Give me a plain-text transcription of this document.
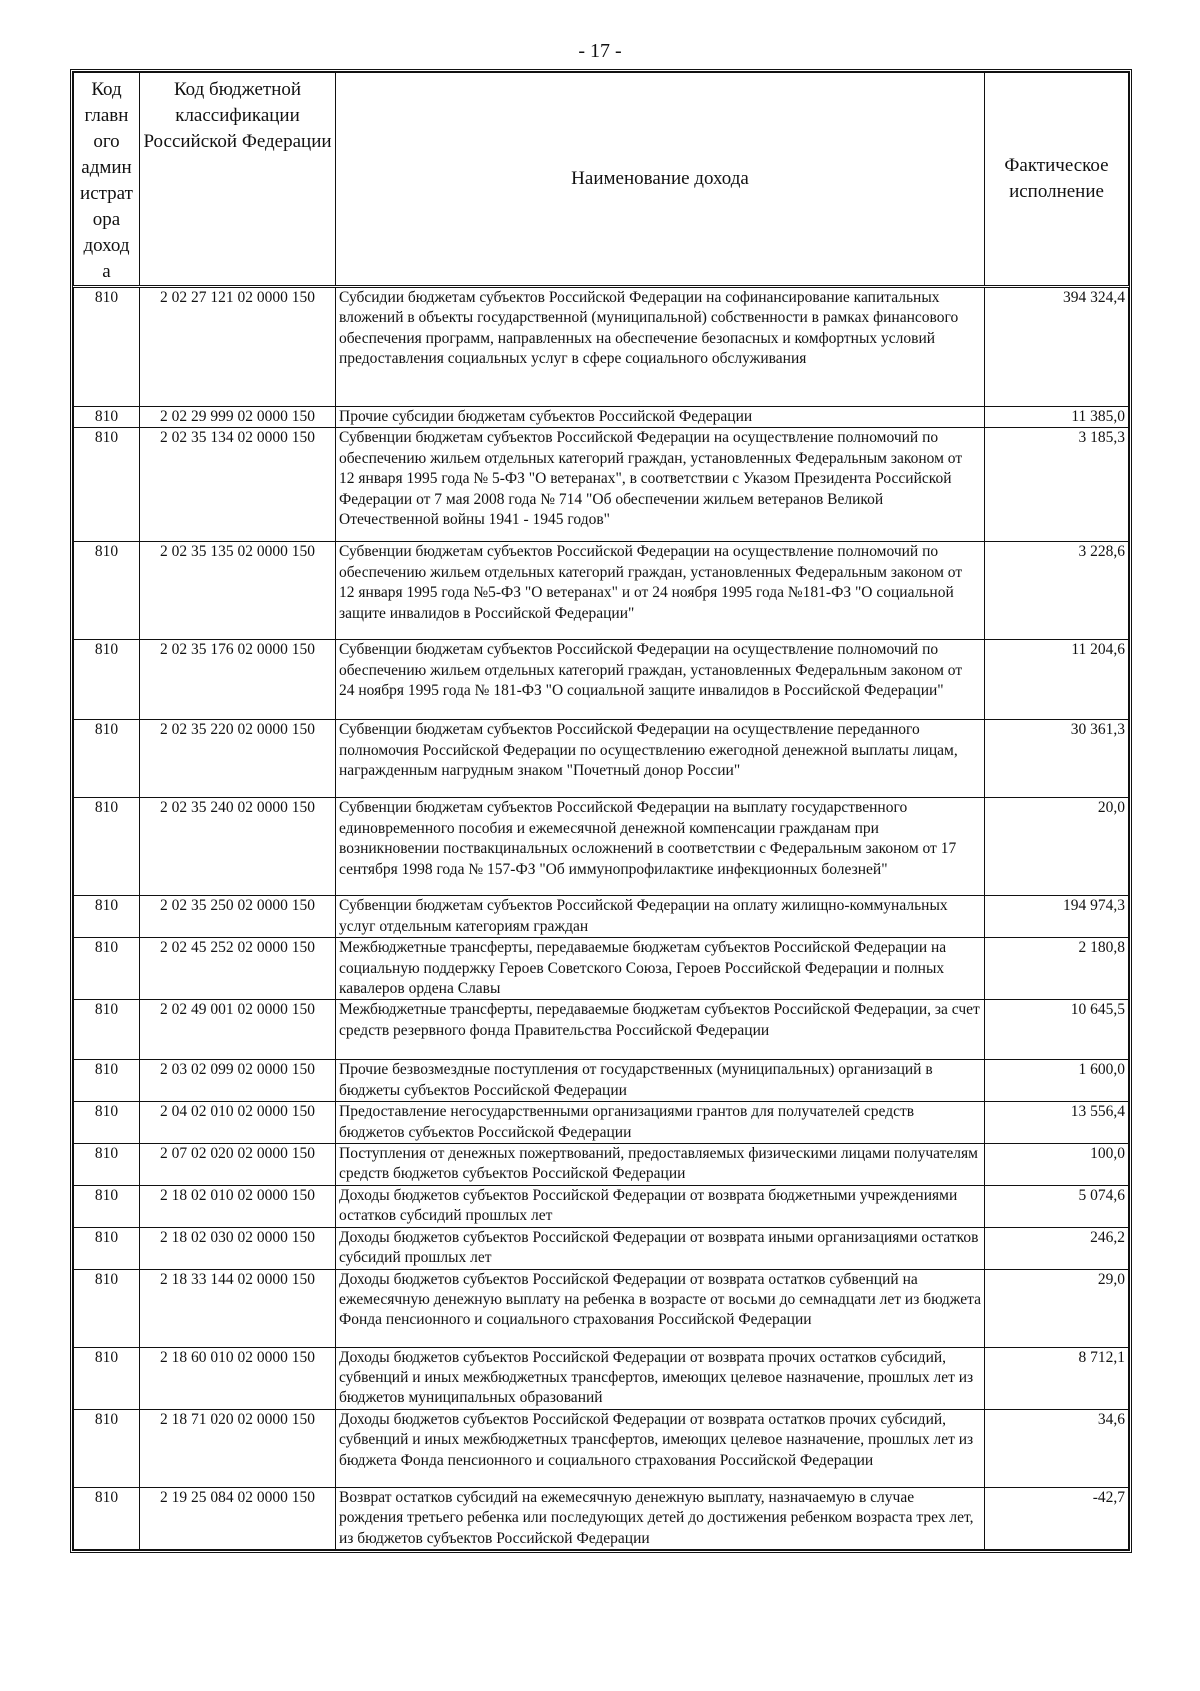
- 17 -
Код главн ого админ истрат ора доход а	Код бюджетной классификации Российской Федерации	Наименование дохода	Фактическое исполнение
810	2 02 27 121 02 0000 150	Субсидии бюджетам субъектов Российской Федерации на софинансирование капитальных вложений в объекты государственной (муниципальной) собственности в рамках финансового обеспечения программ, направленных на обеспечение безопасных и комфортных условий предоставления социальных услуг в сфере социального обслуживания	394 324,4
810	2 02 29 999 02 0000 150	Прочие субсидии бюджетам субъектов Российской Федерации	11 385,0
810	2 02 35 134 02 0000 150	Субвенции бюджетам субъектов Российской Федерации на осуществление полномочий по обеспечению жильем отдельных категорий граждан, установленных Федеральным законом от 12 января 1995 года № 5-ФЗ "О ветеранах", в соответствии с Указом Президента Российской Федерации от 7 мая 2008 года № 714 "Об обеспечении жильем ветеранов Великой Отечественной войны 1941 - 1945 годов"	3 185,3
810	2 02 35 135 02 0000 150	Субвенции бюджетам субъектов Российской Федерации на осуществление полномочий по обеспечению жильем отдельных категорий граждан, установленных Федеральным законом от 12 января 1995 года №5-ФЗ "О ветеранах" и от 24 ноября 1995 года №181-ФЗ "О социальной защите инвалидов в Российской Федерации"	3 228,6
810	2 02 35 176 02 0000 150	Субвенции бюджетам субъектов Российской Федерации на осуществление полномочий по обеспечению жильем отдельных категорий граждан, установленных Федеральным законом от 24 ноября 1995 года № 181-ФЗ "О социальной защите инвалидов в Российской Федерации"	11 204,6
810	2 02 35 220 02 0000 150	Субвенции бюджетам субъектов Российской Федерации на осуществление переданного полномочия Российской Федерации по осуществлению ежегодной денежной выплаты лицам, награжденным нагрудным знаком "Почетный донор России"	30 361,3
810	2 02 35 240 02 0000 150	Субвенции бюджетам субъектов Российской Федерации на выплату государственного единовременного пособия и ежемесячной денежной компенсации гражданам при возникновении поствакцинальных осложнений в соответствии с Федеральным законом от 17 сентября 1998 года № 157-ФЗ "Об иммунопрофилактике инфекционных болезней"	20,0
810	2 02 35 250 02 0000 150	Субвенции бюджетам субъектов Российской Федерации на оплату жилищно-коммунальных услуг отдельным категориям граждан	194 974,3
810	2 02 45 252 02 0000 150	Межбюджетные трансферты, передаваемые бюджетам субъектов Российской Федерации на социальную поддержку Героев Советского Союза, Героев Российской Федерации и полных кавалеров ордена Славы	2 180,8
810	2 02 49 001 02 0000 150	Межбюджетные трансферты, передаваемые бюджетам субъектов Российской Федерации, за счет средств резервного фонда Правительства Российской Федерации	10 645,5
810	2 03 02 099 02 0000 150	Прочие безвозмездные поступления от государственных (муниципальных) организаций в бюджеты субъектов Российской Федерации	1 600,0
810	2 04 02 010 02 0000 150	Предоставление негосударственными организациями грантов для получателей средств бюджетов субъектов Российской Федерации	13 556,4
810	2 07 02 020 02 0000 150	Поступления от денежных пожертвований, предоставляемых физическими лицами получателям средств бюджетов субъектов Российской Федерации	100,0
810	2 18 02 010 02 0000 150	Доходы бюджетов субъектов Российской Федерации от возврата бюджетными учреждениями остатков субсидий прошлых лет	5 074,6
810	2 18 02 030 02 0000 150	Доходы бюджетов субъектов Российской Федерации от возврата иными организациями остатков субсидий прошлых лет	246,2
810	2 18 33 144 02 0000 150	Доходы бюджетов субъектов Российской Федерации от возврата остатков субвенций на ежемесячную денежную выплату на ребенка в возрасте от восьми до семнадцати лет из бюджета Фонда пенсионного и социального страхования Российской Федерации	29,0
810	2 18 60 010 02 0000 150	Доходы бюджетов субъектов Российской Федерации от возврата прочих остатков субсидий, субвенций и иных межбюджетных трансфертов, имеющих целевое назначение, прошлых лет из бюджетов муниципальных образований	8 712,1
810	2 18 71 020 02 0000 150	Доходы бюджетов субъектов Российской Федерации от возврата остатков прочих субсидий, субвенций и иных межбюджетных трансфертов, имеющих целевое назначение, прошлых лет из бюджета Фонда пенсионного и социального страхования Российской Федерации	34,6
810	2 19 25 084 02 0000 150	Возврат остатков субсидий на ежемесячную денежную выплату, назначаемую в случае рождения третьего ребенка или последующих детей до достижения ребенком возраста трех лет, из бюджетов субъектов Российской Федерации	-42,7
